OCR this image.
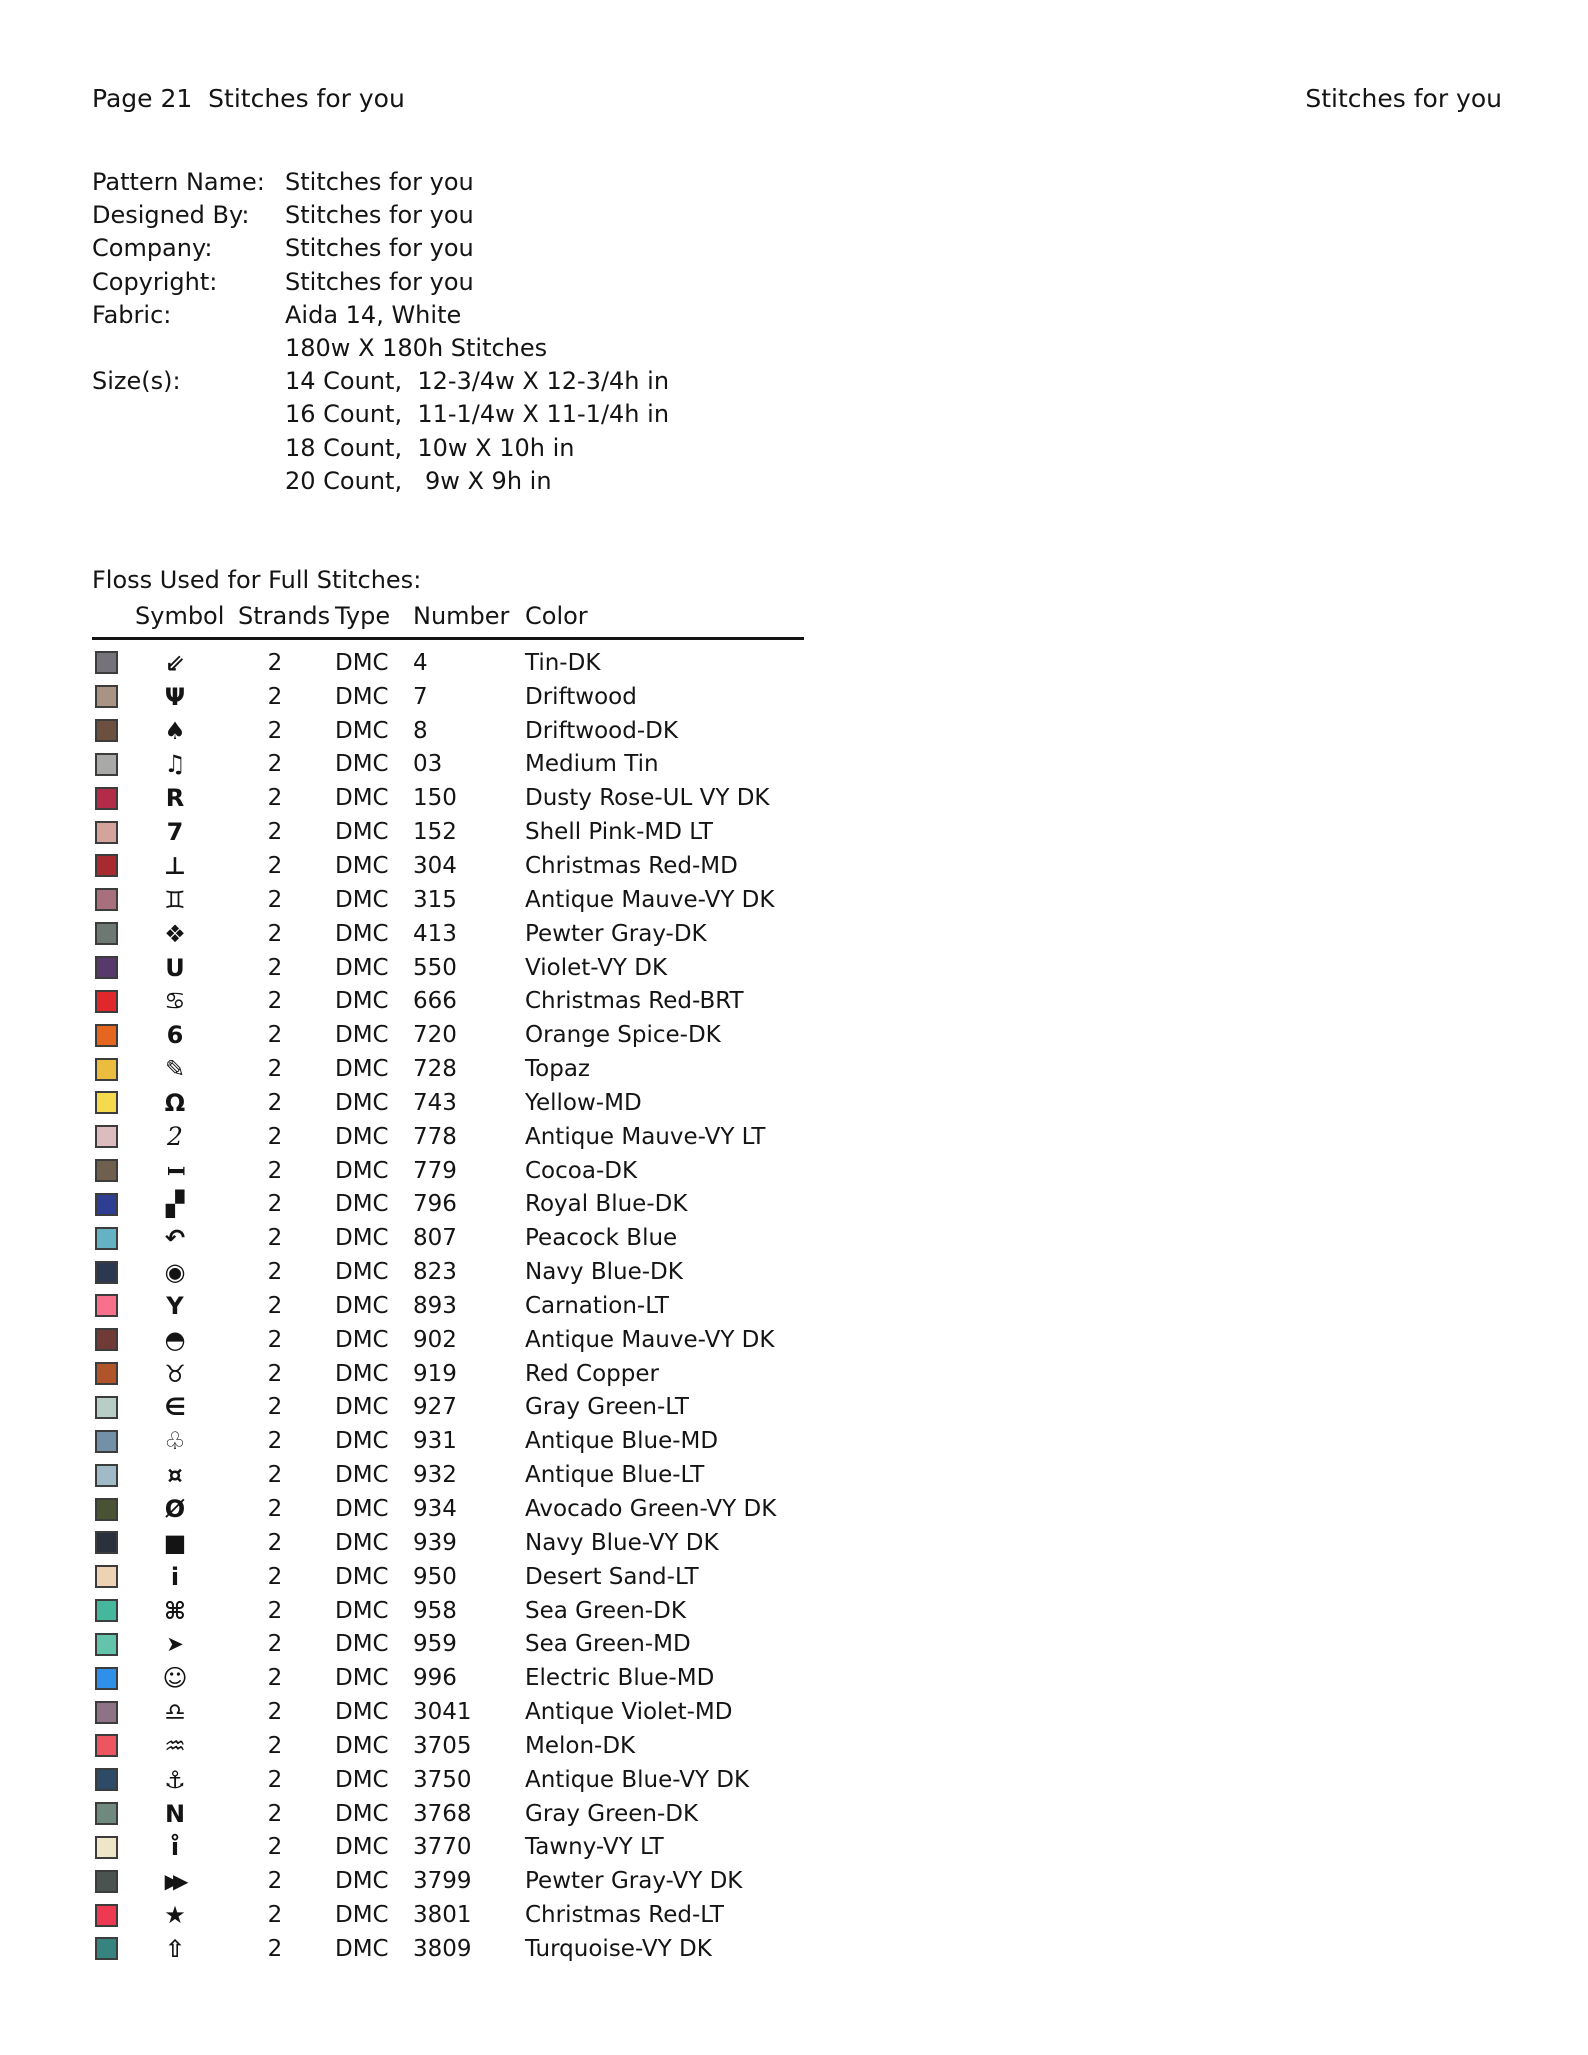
Page 21  Stitches for you	Stitches for you
Pattern Name: Stitches for you
Designed By:	Stitches for you
Company:	Stitches for you
Copyright:	Stitches for you
Fabric:	Aida 14, White
180w X 180h Stitches
Size(s):	14 Count,  12-3/4w X 12-3/4h in
16 Count,  11-1/4w X 11-1/4h in
18 Count,  10w X 10h in
20 Count,   9w X 9h in
Floss Used for Full Stitches:
Symbol Strands Type Number Color
⇙	2	DMC	4	Tin-DK
Ψ	2	DMC	7	Driftwood
♠	2	DMC	8	Driftwood-DK
♫	2	DMC	03	Medium Tin
R	2	DMC	150	Dusty Rose-UL VY DK
7	2	DMC	152	Shell Pink-MD LT
⊥	2	DMC	304	Christmas Red-MD
♊	2	DMC	315	Antique Mauve-VY DK
❖	2	DMC	413	Pewter Gray-DK
U	2	DMC	550	Violet-VY DK
♋	2	DMC	666	Christmas Red-BRT
6	2	DMC	720	Orange Spice-DK
✎	2	DMC	728	Topaz
Ω	2	DMC	743	Yellow-MD
2	2	DMC	778	Antique Mauve-VY LT
I	2	DMC	779	Cocoa-DK
▞	2	DMC	796	Royal Blue-DK
↶	2	DMC	807	Peacock Blue
◉	2	DMC	823	Navy Blue-DK
Y	2	DMC	893	Carnation-LT
◓	2	DMC	902	Antique Mauve-VY DK
♉	2	DMC	919	Red Copper
∈	2	DMC	927	Gray Green-LT
♧	2	DMC	931	Antique Blue-MD
¤	2	DMC	932	Antique Blue-LT
Ø	2	DMC	934	Avocado Green-VY DK
■	2	DMC	939	Navy Blue-VY DK
i	2	DMC	950	Desert Sand-LT
⌘	2	DMC	958	Sea Green-DK
➤	2	DMC	959	Sea Green-MD
☺	2	DMC	996	Electric Blue-MD
♎	2	DMC	3041	Antique Violet-MD
♒	2	DMC	3705	Melon-DK
⚓	2	DMC	3750	Antique Blue-VY DK
N	2	DMC	3768	Gray Green-DK
ı̊	2	DMC	3770	Tawny-VY LT
▶▶	2	DMC	3799	Pewter Gray-VY DK
★	2	DMC	3801	Christmas Red-LT
⇧	2	DMC	3809	Turquoise-VY DK
